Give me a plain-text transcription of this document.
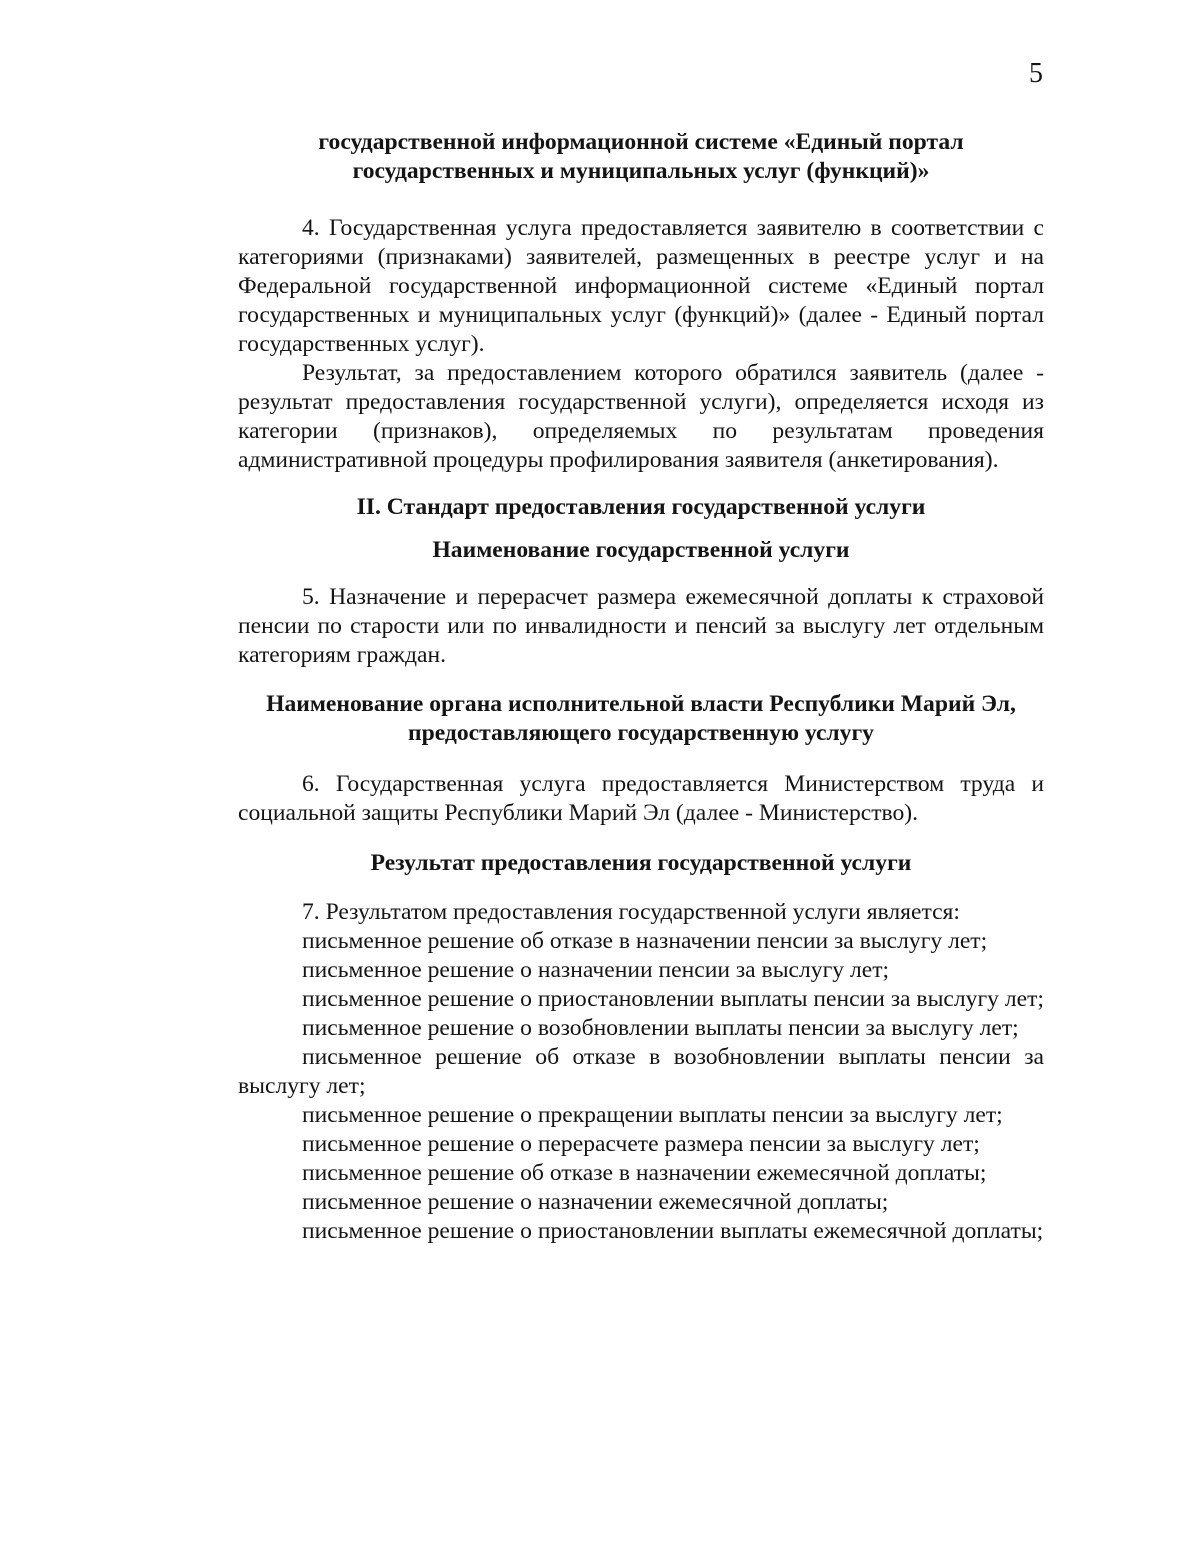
5

государственной информационной системе «Единый портал государственных и муниципальных услуг (функций)»

4. Государственная услуга предоставляется заявителю в соответствии с категориями (признаками) заявителей, размещенных в реестре услуг и на Федеральной государственной информационной системе «Единый портал государственных и муниципальных услуг (функций)» (далее - Единый портал государственных услуг).

Результат, за предоставлением которого обратился заявитель (далее - результат предоставления государственной услуги), определяется исходя из категории (признаков), определяемых по результатам проведения административной процедуры профилирования заявителя (анкетирования).

II. Стандарт предоставления государственной услуги

Наименование государственной услуги

5. Назначение и перерасчет размера ежемесячной доплаты к страховой пенсии по старости или по инвалидности и пенсий за выслугу лет отдельным категориям граждан.

Наименование органа исполнительной власти Республики Марий Эл, предоставляющего государственную услугу

6. Государственная услуга предоставляется Министерством труда и социальной защиты Республики Марий Эл (далее - Министерство).

Результат предоставления государственной услуги

7. Результатом предоставления государственной услуги является:

письменное решение об отказе в назначении пенсии за выслугу лет;

письменное решение о назначении пенсии за выслугу лет;

письменное решение о приостановлении выплаты пенсии за выслугу лет;

письменное решение о возобновлении выплаты пенсии за выслугу лет;

письменное решение об отказе в возобновлении выплаты пенсии за выслугу лет;

письменное решение о прекращении выплаты пенсии за выслугу лет;

письменное решение о перерасчете размера пенсии за выслугу лет;

письменное решение об отказе в назначении ежемесячной доплаты;

письменное решение о назначении ежемесячной доплаты;

письменное решение о приостановлении выплаты ежемесячной доплаты;
